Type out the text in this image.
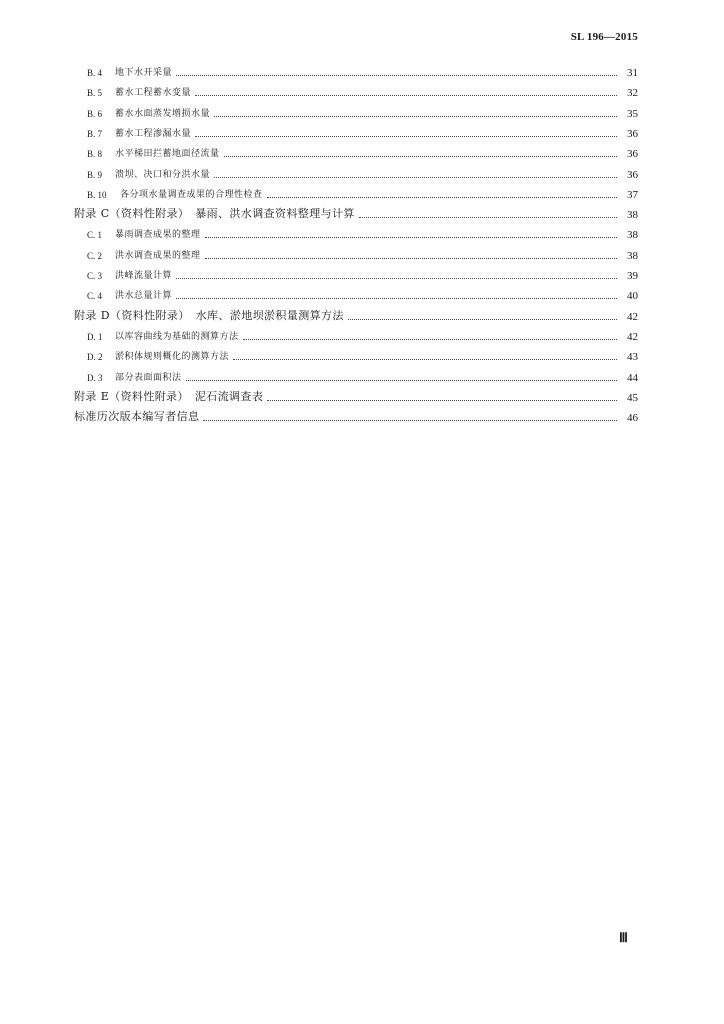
SL 196—2015
B. 4 地下水开采量	31
B. 5 蓄水工程蓄水变量	32
B. 6 蓄水水面蒸发增损水量	35
B. 7 蓄水工程渗漏水量	36
B. 8 水平梯田拦蓄地面径流量	36
B. 9 溃坝、决口和分洪水量	36
B. 10 各分项水量调查成果的合理性检查	37
附录 C（资料性附录）　暴雨、洪水调查资料整理与计算	38
C. 1 暴雨调查成果的整理	38
C. 2 洪水调查成果的整理	38
C. 3 洪峰流量计算	39
C. 4 洪水总量计算	40
附录 D（资料性附录）　水库、淤地坝淤积量测算方法	42
D. 1 以库容曲线为基础的测算方法	42
D. 2 淤积体规则概化的测算方法	43
D. 3 部分表面面积法	44
附录 E（资料性附录）　泥石流调查表	45
标准历次版本编写者信息	46
Ⅲ
